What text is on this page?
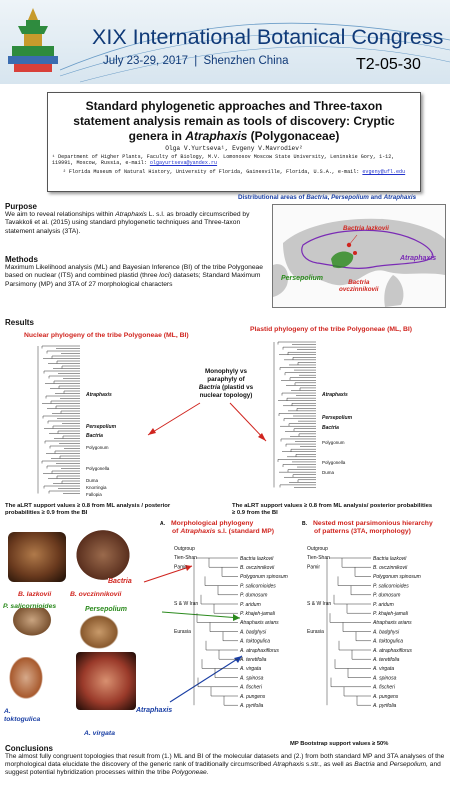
XIX International Botanical Congress
July 23-29, 2017 | Shenzhen China	T2-05-30
Standard phylogenetic approaches and Three-taxon
statement analysis remain as tools of discovery: Cryptic
genera in Atraphaxis (Polygonaceae)
Olga V.Yurtseva¹, Evgeny V.Mavrodiev²
¹ Department of Higher Plants, Faculty of Biology, M.V. Lomonosov Moscow State University, Leninskie Gory, 1-12, 119991, Moscow, Russia, e-mail: olgayurtseva@yandex.ru
² Florida Museum of Natural History, University of Florida, Gainesville, Florida, U.S.A., e-mail: evgeny@ufl.edu
Purpose
We aim to reveal relationships within Atraphaxis L. s.l. as broadly circumscribed by Tavakkoli et al. (2015) using standard phylogenetic techniques and Three-taxon statement analysis (3TA).
Methods
Maximum Likelihood analysis (ML) and Bayesian Inference (BI) of the tribe Polygoneae based on nuclear (ITS) and combined plastid (three loci) datasets; Standard Maximum Parsimony (MP) and 3TA of 27 morphological characters
Distributional areas of Bactria, Persepolium and Atraphaxis
Bactria lazkovii
Atraphaxis
Persepolium
Bactria
ovczinnikovii
Results
Nuclear phylogeny of the tribe Polygoneae (ML, BI)
Plastid phylogeny of the tribe Polygoneae (ML, BI)
Atraphaxis
Persepolium
Bactria
Polygonum
Polygonella
Duma
Knorringia
Fallopia
Atraphaxis
Persepolium
Bactria
Polygonum
Polygonella
Duma
Monophyly vs
paraphyly of
Bactria (plastid vs
nuclear topology)
The aLRT support values ≥ 0.8 from ML analysis / posterior probabilities ≥ 0.9 from the BI
The aLRT support values ≥ 0.8 from ML analysis/ posterior probabilities ≥ 0.9 from the BI
B. lazkovii	B. ovczinnikovii
Bactria
P. salicornioides	Persepolium
A.
toktogulica
Atraphaxis
A. virgata
A. Morphological phylogeny
of Atraphaxis s.l. (standard MP)
B. Nested most parsimonious hierarchy
of patterns (3TA, morphology)
Outgroup
Tien-Shan
Pamir
S & W Iran
Eurasia
Bactria lazkovii
B. ovczinnikovii
Polygonum spinosum
P. salicornioides
P. dumosum
P. aridum
P. khajeh-jamali
Atraphaxis arians
A. badghysi
A. toktogulica
A. atraphaxiflorus
A. teretifolia
A. virgata
A. spinosa
A. fischeri
A. pungens
A. pyrifolia
Outgroup
Tien-Shan
Pamir
S & W Iran
Eurasia
Bactria lazkovii
B. ovczinnikovii
Polygonum spinosum
P. salicornioides
P. dumosum
P. aridum
P. khajeh-jamali
Atraphaxis arians
A. badghysi
A. toktogulica
A. atraphaxiflorus
A. teretifolia
A. virgata
A. spinosa
A. fischeri
A. pungens
A. pyrifolia
MP Bootstrap support values ≥ 50%
Conclusions
The almost fully congruent topologies that result from (1.) ML and BI of the molecular datasets and (2.) from both standard MP and 3TA analyses of the morphological data elucidate the discovery of the generic rank of traditionally circumscribed Atraphaxis s.str., as well as Bactria and Persepolium, and suggest potential hybridization processes within the tribe Polygoneae.
